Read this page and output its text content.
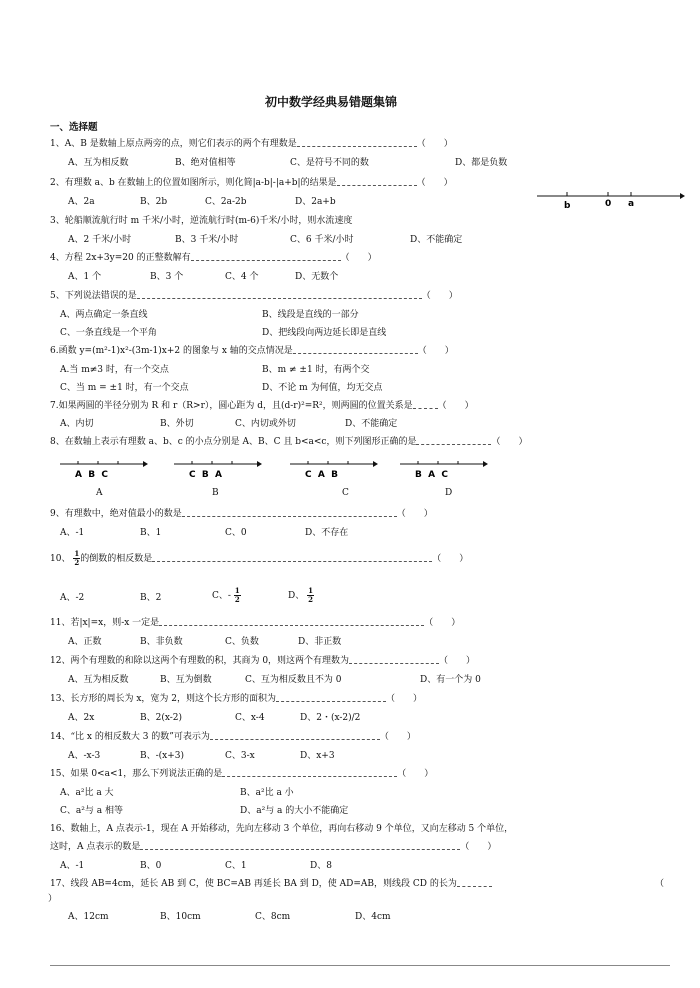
初中数学经典易错题集锦
一、选择题
1、A、B 是数轴上原点两旁的点，则它们表示的两个有理数是	（　　）
A、互为相反数	B、绝对值相等	C、是符号不同的数	D、都是负数
2、有理数 a、b 在数轴上的位置如图所示，则化简|a-b|-|a+b|的结果是	（　　）
A、2a	B、2b	C、2a-2b	D、2a+b	b	0 a
3、轮船顺流航行时 m 千米/小时，逆流航行时(m-6)千米/小时，则水流速度
A、2 千米/小时	B、3 千米/小时	C、6 千米/小时	D、不能确定
4、方程 2x+3y=20 的正整数解有	（　　）
A、1 个	B、3 个	C、4 个	D、无数个
5、下列说法错误的是	（　　）
A、两点确定一条直线	B、线段是直线的一部分
C、一条直线是一个平角	D、把线段向两边延长即是直线
6.函数 y=(m²-1)x²-(3m-1)x+2 的图象与 x 轴的交点情况是	（　　）
A.当 m≠3 时，有一个交点	B、m ≠ ±1 时，有两个交
C、当 m = ±1 时，有一个交点	D、不论 m 为何值，均无交点
7.如果两圆的半径分别为 R 和 r（R>r），圆心距为 d，且(d-r)²=R²，则两圆的位置关系是	（　　）
A、内切	B、外切	C、内切或外切	D、不能确定
8、在数轴上表示有理数 a、b、c 的小点分别是 A、B、C 且 b<a<c，则下列图形正确的是	（　　）
A  B  C
A
C  B  A
B
C  A  B
C
B  A  C
D
9、有理数中，绝对值最小的数是	（　　）
A、-1	B、1	C、0	D、不存在
10、 $\frac{1}{2}$ 的倒数的相反数是	（　　）
A、-2	B、2	C、- $\frac{1}{2}$	D、 $\frac{1}{2}$
11、若|x|=x，则-x 一定是	（　　）
A、正数	B、非负数	C、负数	D、非正数
12、两个有理数的和除以这两个有理数的积，其商为 0，则这两个有理数为	（　　）
A、互为相反数	B、互为倒数	C、互为相反数且不为 0	D、有一个为 0
13、长方形的周长为 x，宽为 2，则这个长方形的面积为	（　　）
A、2x	B、2(x-2)	C、x-4	D、2・(x-2)/2
14、“比 x 的相反数大 3 的数”可表示为	（　　）
A、-x-3	B、-(x+3)	C、3-x	D、x+3
15、如果 0<a<1，那么下列说法正确的是	（　　）
A、a²比 a 大	B、a²比 a 小
C、a²与 a 相等	D、a²与 a 的大小不能确定
16、数轴上，A 点表示-1，现在 A 开始移动，先向左移动 3 个单位，再向右移动 9 个单位，又向左移动 5 个单位，
这时，A 点表示的数是	（　　）
A、-1	B、0	C、1	D、8
17、线段 AB=4cm，延长 AB 到 C，使 BC=AB 再延长 BA 到 D，使 AD=AB，则线段 CD 的长为	（
）
A、12cm	B、10cm	C、8cm	D、4cm
